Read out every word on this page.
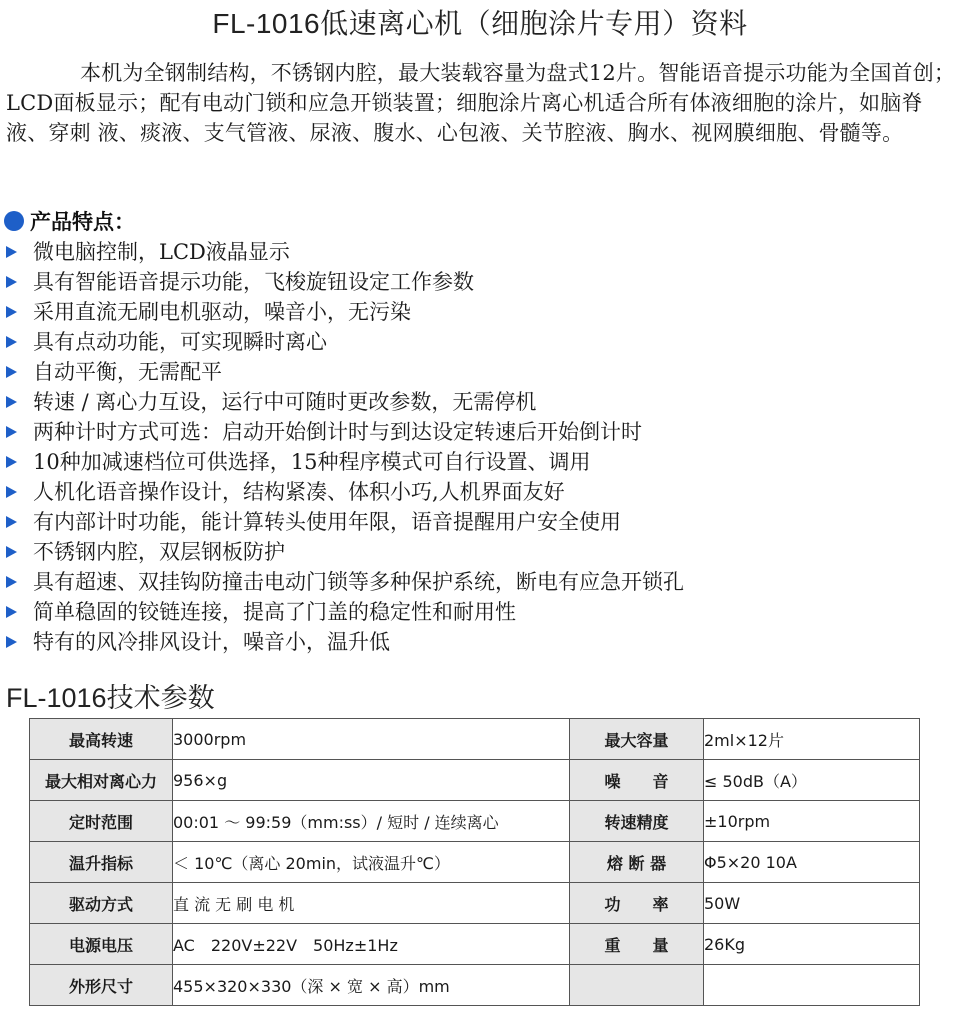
FL-1016低速离心机（细胞涂片专用）资料

本机为全钢制结构，不锈钢内腔，最大装载容量为盘式12片。智能语音提示功能为全国首创；LCD面板显示；配有电动门锁和应急开锁装置；细胞涂片离心机适合所有体液细胞的涂片，如脑脊液、穿刺 液、痰液、支气管液、尿液、腹水、心包液、关节腔液、胸水、视网膜细胞、骨髓等。

产品特点：
微电脑控制，LCD液晶显示
具有智能语音提示功能，飞梭旋钮设定工作参数
采用直流无刷电机驱动，噪音小，无污染
具有点动功能，可实现瞬时离心
自动平衡，无需配平
转速 / 离心力互设，运行中可随时更改参数，无需停机
两种计时方式可选：启动开始倒计时与到达设定转速后开始倒计时
10种加减速档位可供选择，15种程序模式可自行设置、调用
人机化语音操作设计，结构紧凑、体积小巧,人机界面友好
有内部计时功能，能计算转头使用年限，语音提醒用户安全使用
不锈钢内腔，双层钢板防护
具有超速、双挂钩防撞击电动门锁等多种保护系统，断电有应急开锁孔
简单稳固的铰链连接，提高了门盖的稳定性和耐用性
特有的风冷排风设计，噪音小，温升低
FL-1016技术参数
最高转速	3000rpm	最大容量	2ml×12片
最大相对离心力	956×g	噪　　音	≤ 50dB（A）
定时范围	00:01 ～ 99:59（mm:ss）/ 短时 / 连续离心	转速精度	±10rpm
温升指标	＜ 10℃（离心 20min，试液温升℃）	熔 断 器	Φ5×20 10A
驱动方式	直 流 无 刷 电 机	功　　率	50W
电源电压	AC　220V±22V　50Hz±1Hz	重　　量	26Kg
外形尺寸	455×320×330（深 × 宽 × 高）mm		
